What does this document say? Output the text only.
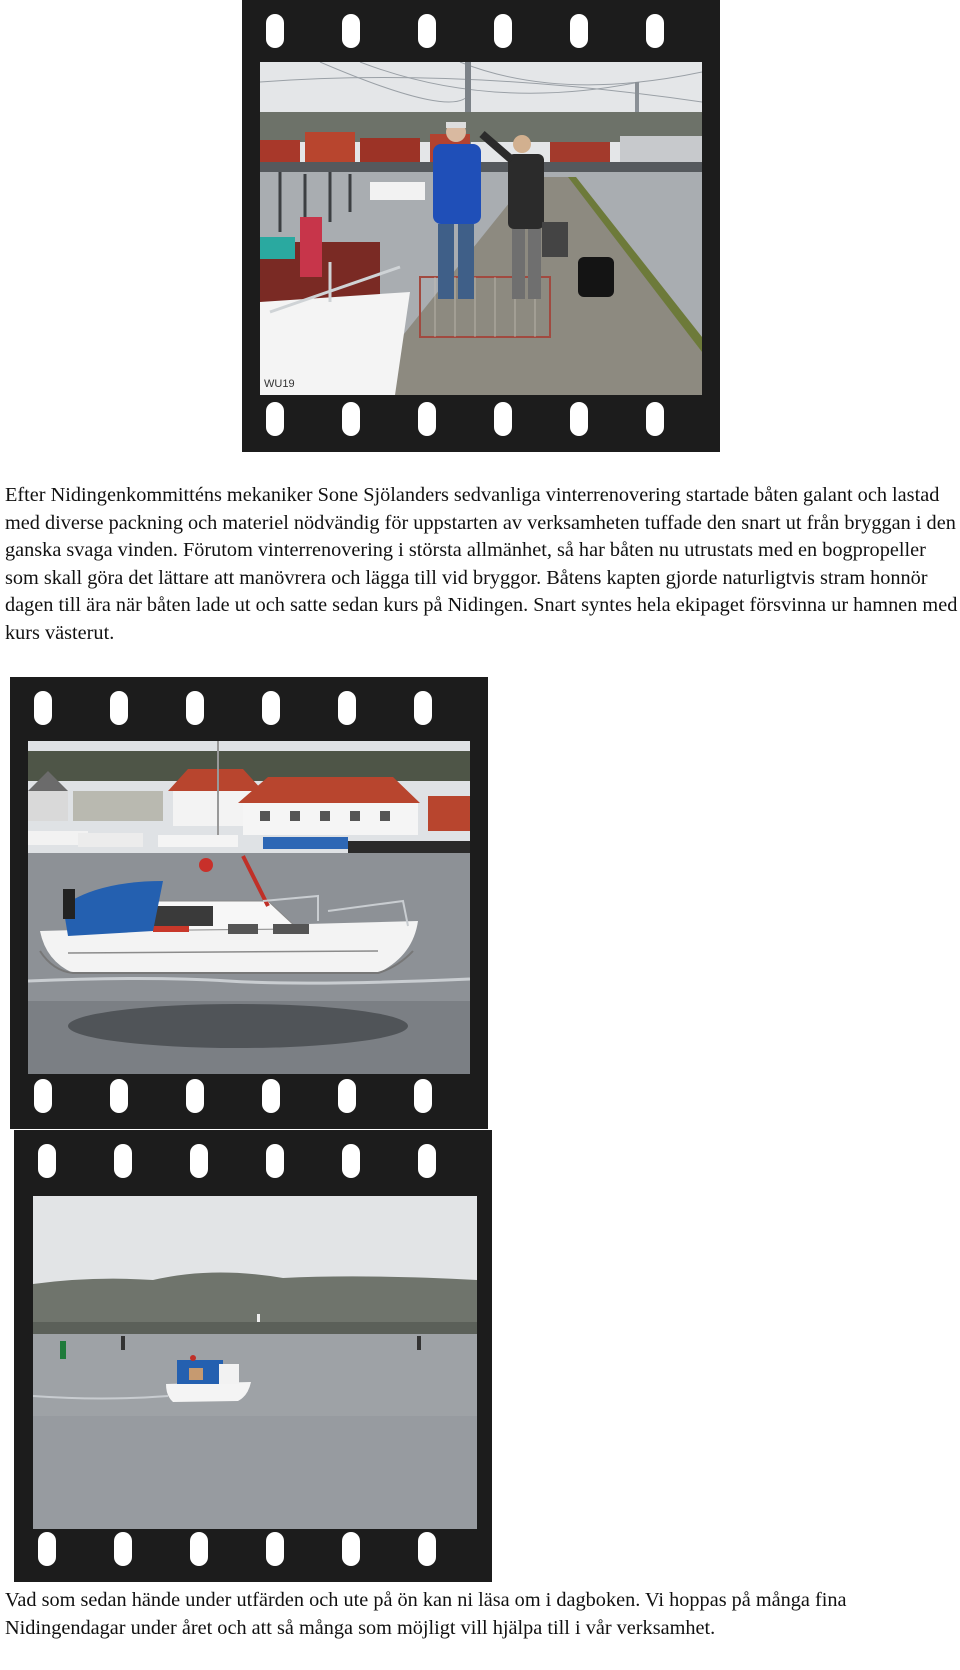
WU19

Efter Nidingenkommitténs mekaniker Sone Sjölanders sedvanliga vinterrenovering startade båten galant och lastad med diverse packning och materiel nödvändig för uppstarten av verksamheten tuffade den snart ut från bryggan i den ganska svaga vinden. Förutom vinterrenovering i största allmänhet, så har båten nu utrustats med en bogpropeller som skall göra det lättare att manövrera och lägga till vid bryggor. Båtens kapten gjorde naturligtvis stram honnör dagen till ära när båten lade ut och satte sedan kurs på Nidingen. Snart syntes hela ekipaget försvinna ur hamnen med kurs västerut.

Vad som sedan hände under utfärden och ute på ön kan ni läsa om i dagboken. Vi hoppas på många fina Nidingendagar under året och att så många som möjligt vill hjälpa till i vår verksamhet.
